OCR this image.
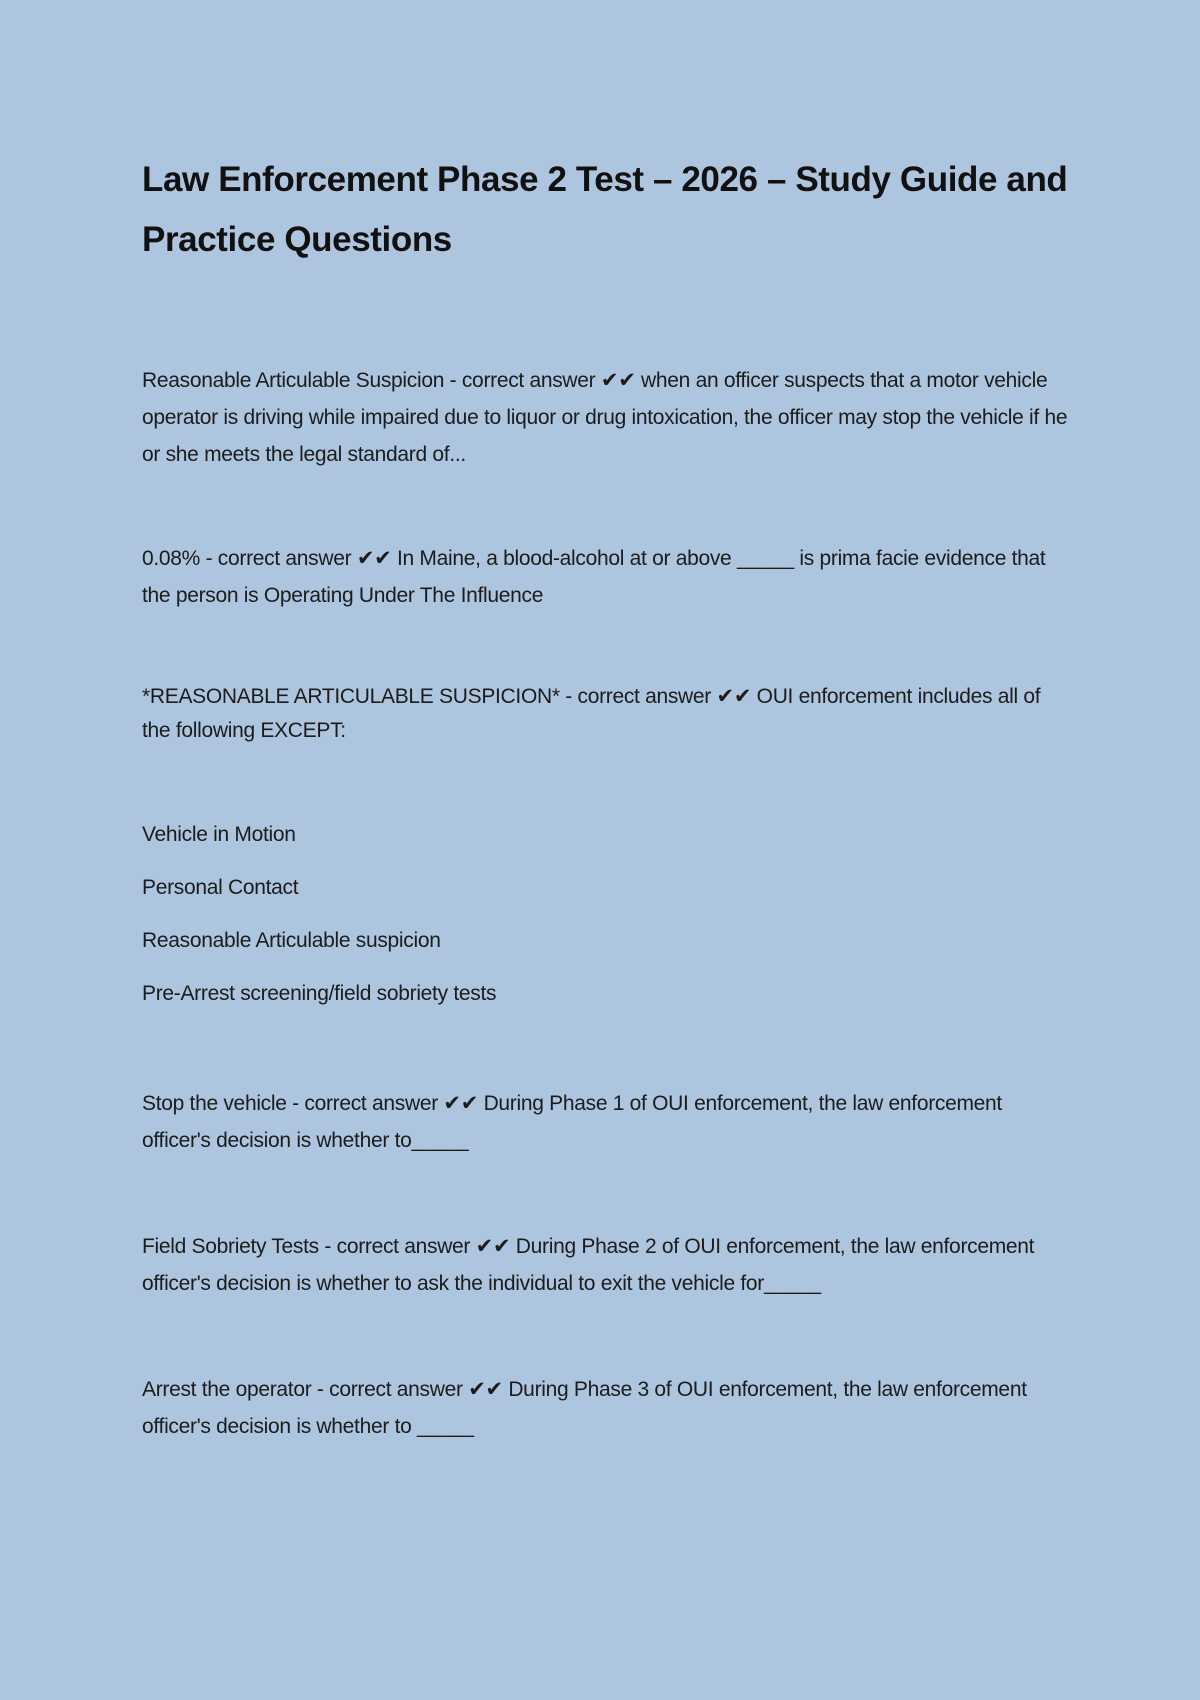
Law Enforcement Phase 2 Test – 2026 – Study Guide and Practice Questions

Reasonable Articulable Suspicion - correct answer ✔✔ when an officer suspects that a motor vehicle operator is driving while impaired due to liquor or drug intoxication, the officer may stop the vehicle if he or she meets the legal standard of...

0.08% - correct answer ✔✔ In Maine, a blood-alcohol at or above _____ is prima facie evidence that the person is Operating Under The Influence

*REASONABLE ARTICULABLE SUSPICION* - correct answer ✔✔ OUI enforcement includes all of the following EXCEPT:

Vehicle in Motion
Personal Contact
Reasonable Articulable suspicion
Pre-Arrest screening/field sobriety tests

Stop the vehicle - correct answer ✔✔ During Phase 1 of OUI enforcement, the law enforcement officer's decision is whether to_____

Field Sobriety Tests - correct answer ✔✔ During Phase 2 of OUI enforcement, the law enforcement officer's decision is whether to ask the individual to exit the vehicle for_____

Arrest the operator - correct answer ✔✔ During Phase 3 of OUI enforcement, the law enforcement officer's decision is whether to _____
